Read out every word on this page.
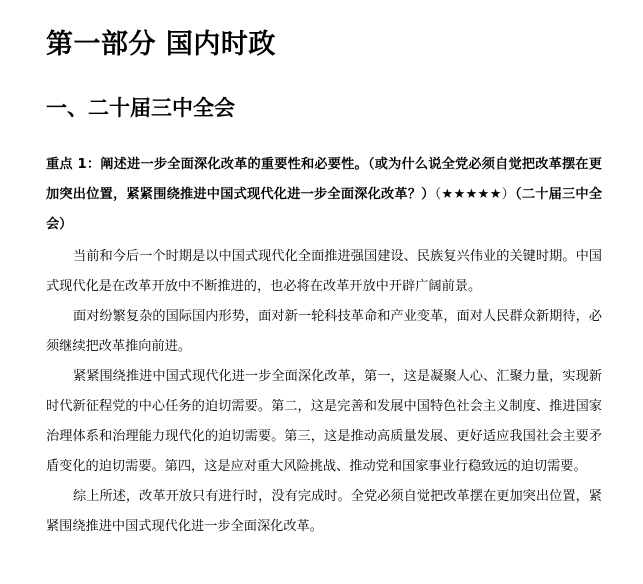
第一部分 国内时政
一、二十届三中全会

重点 1：阐述进一步全面深化改革的重要性和必要性。（或为什么说全党必须自觉把改革摆在更加突出位置，紧紧围绕推进中国式现代化进一步全面深化改革？）（★★★★★）（二十届三中全会）

当前和今后一个时期是以中国式现代化全面推进强国建设、民族复兴伟业的关键时期。中国式现代化是在改革开放中不断推进的，也必将在改革开放中开辟广阔前景。

面对纷繁复杂的国际国内形势，面对新一轮科技革命和产业变革，面对人民群众新期待，必须继续把改革推向前进。

紧紧围绕推进中国式现代化进一步全面深化改革，第一，这是凝聚人心、汇聚力量，实现新时代新征程党的中心任务的迫切需要。第二，这是完善和发展中国特色社会主义制度、推进国家治理体系和治理能力现代化的迫切需要。第三，这是推动高质量发展、更好适应我国社会主要矛盾变化的迫切需要。第四，这是应对重大风险挑战、推动党和国家事业行稳致远的迫切需要。

综上所述，改革开放只有进行时，没有完成时。全党必须自觉把改革摆在更加突出位置，紧紧围绕推进中国式现代化进一步全面深化改革。
